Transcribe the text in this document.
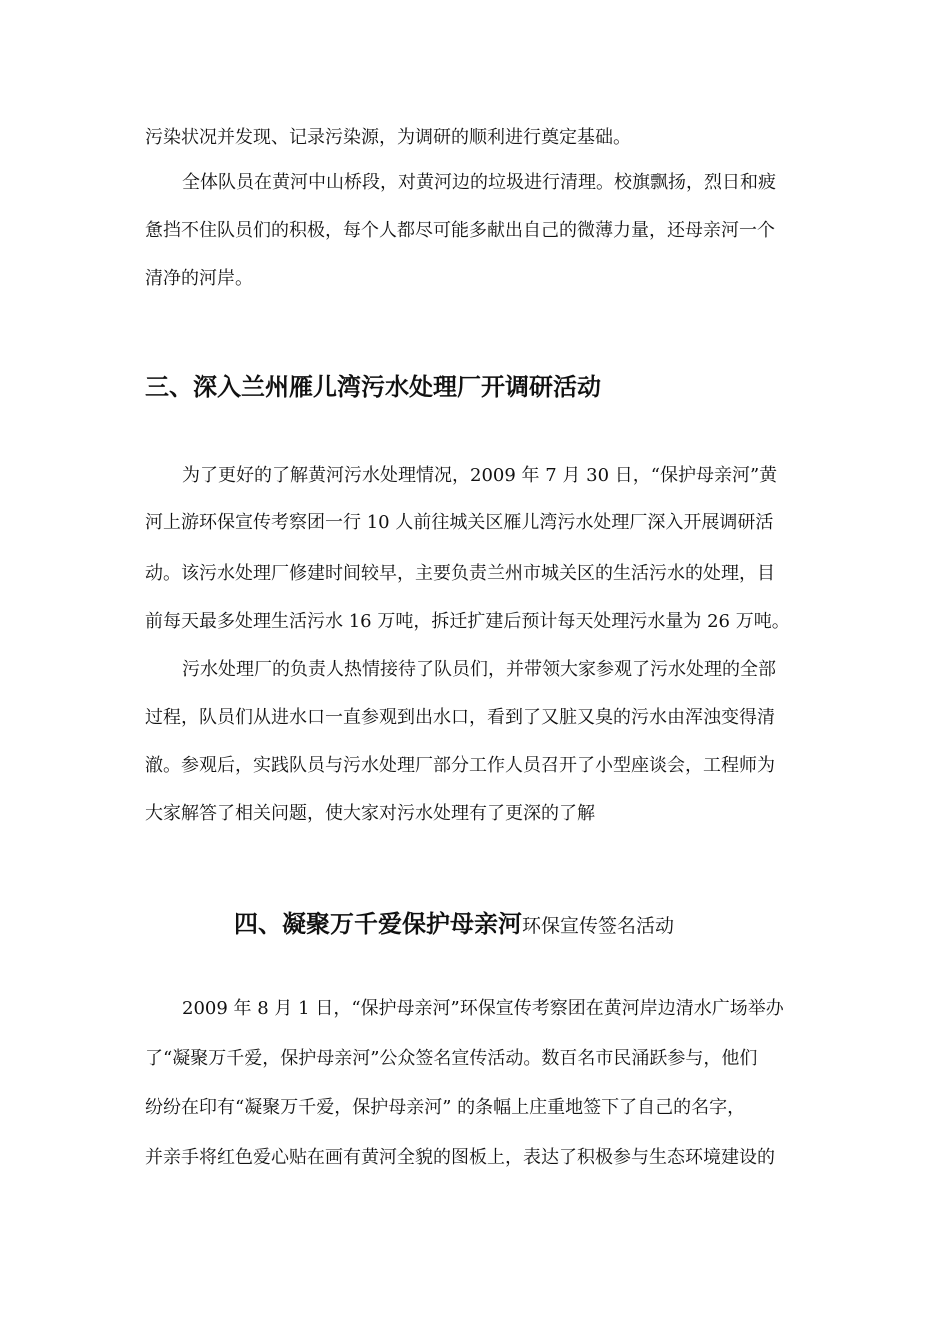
污染状况并发现、记录污染源，为调研的顺利进行奠定基础。
全体队员在黄河中山桥段，对黄河边的垃圾进行清理。校旗飘扬，烈日和疲
惫挡不住队员们的积极，每个人都尽可能多献出自己的微薄力量，还母亲河一个
清净的河岸。
三、深入兰州雁儿湾污水处理厂开调研活动
为了更好的了解黄河污水处理情况，2009 年 7 月 30 日，“保护母亲河”黄
河上游环保宣传考察团一行 10 人前往城关区雁儿湾污水处理厂深入开展调研活
动。该污水处理厂修建时间较早，主要负责兰州市城关区的生活污水的处理，目
前每天最多处理生活污水 16 万吨，拆迁扩建后预计每天处理污水量为 26 万吨。
污水处理厂的负责人热情接待了队员们，并带领大家参观了污水处理的全部
过程，队员们从进水口一直参观到出水口，看到了又脏又臭的污水由浑浊变得清
澈。参观后，实践队员与污水处理厂部分工作人员召开了小型座谈会，工程师为
大家解答了相关问题，使大家对污水处理有了更深的了解
四、凝聚万千爱保护母亲河环保宣传签名活动
2009 年 8 月 1 日，“保护母亲河”环保宣传考察团在黄河岸边清水广场举办
了“凝聚万千爱，保护母亲河”公众签名宣传活动。数百名市民涌跃参与，他们
纷纷在印有“凝聚万千爱，保护母亲河” 的条幅上庄重地签下了自己的名字，
并亲手将红色爱心贴在画有黄河全貌的图板上，表达了积极参与生态环境建设的
